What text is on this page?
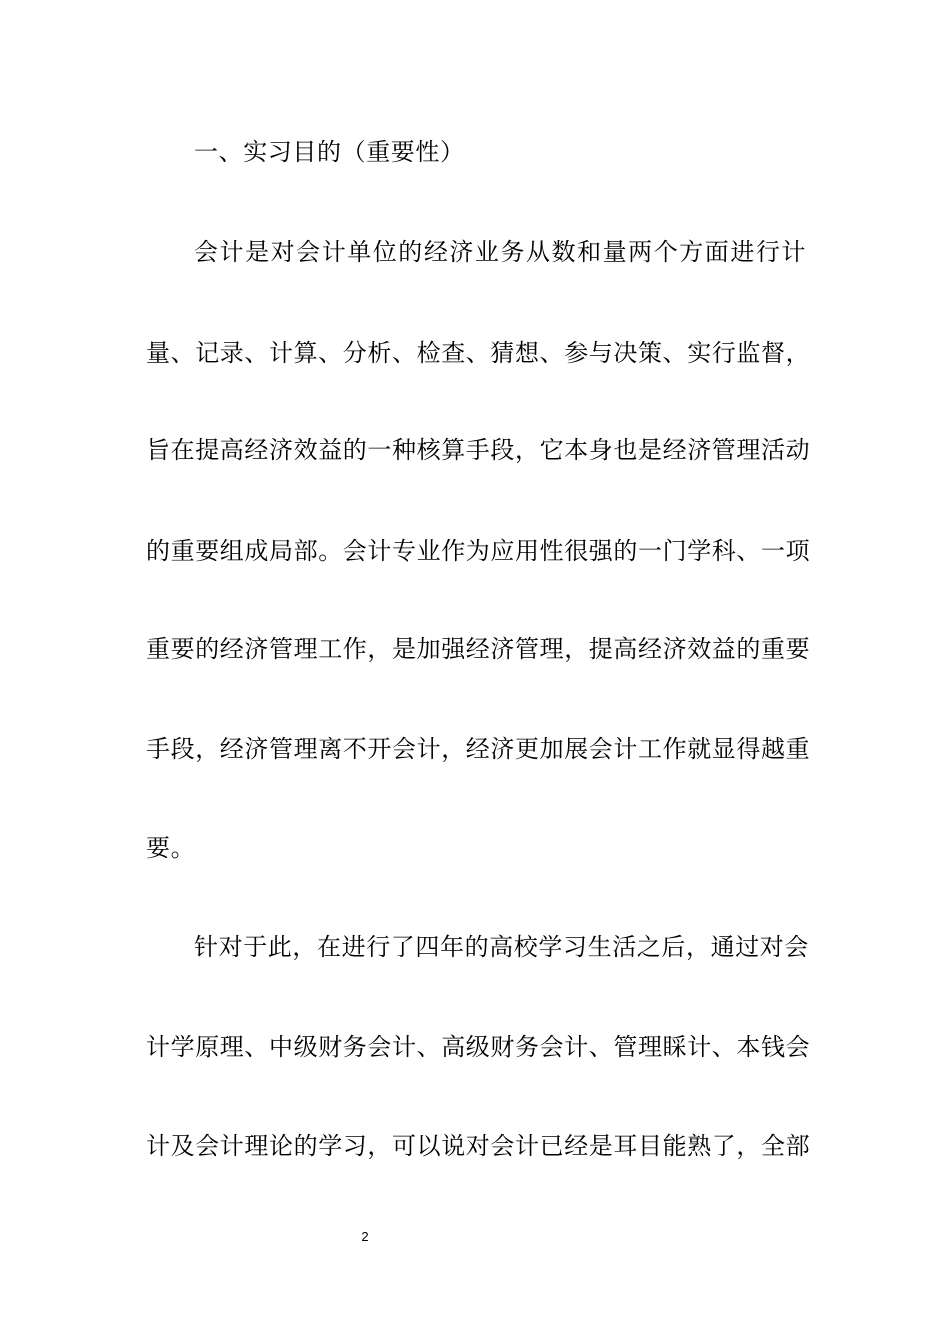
一、实习目的（重要性）
会计是对会计单位的经济业务从数和量两个方面进行计
量、记录、计算、分析、检查、猜想、参与决策、实行监督，
旨在提高经济效益的一种核算手段，它本身也是经济管理活动
的重要组成局部。会计专业作为应用性很强的一门学科、一项
重要的经济管理工作，是加强经济管理，提高经济效益的重要
手段，经济管理离不开会计，经济更加展会计工作就显得越重
要。
针对于此，在进行了四年的高校学习生活之后，通过对会
计学原理、中级财务会计、高级财务会计、管理睬计、本钱会
计及会计理论的学习，可以说对会计已经是耳目能熟了，全部
2
